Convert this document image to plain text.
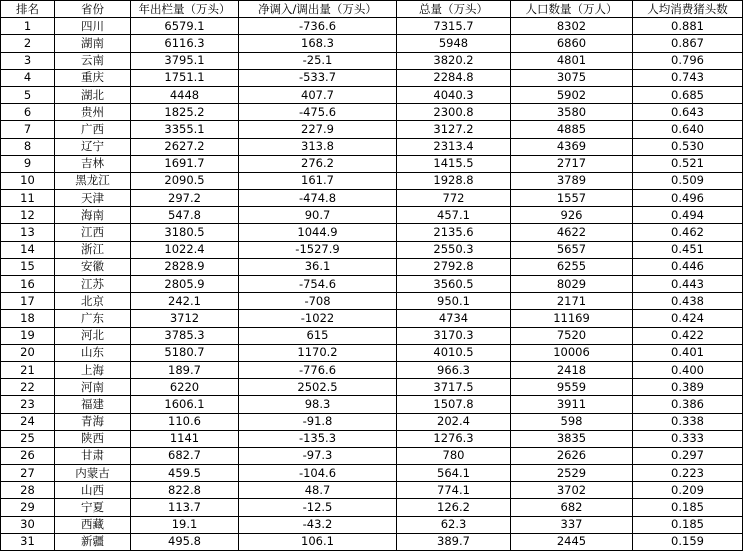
排名	省份	年出栏量（万头）	净调入/调出量（万头）	总量（万头）	人口数量（万人）	人均消费猪头数
1	四川	6579.1	-736.6	7315.7	8302	0.881
2	湖南	6116.3	168.3	5948	6860	0.867
3	云南	3795.1	-25.1	3820.2	4801	0.796
4	重庆	1751.1	-533.7	2284.8	3075	0.743
5	湖北	4448	407.7	4040.3	5902	0.685
6	贵州	1825.2	-475.6	2300.8	3580	0.643
7	广西	3355.1	227.9	3127.2	4885	0.640
8	辽宁	2627.2	313.8	2313.4	4369	0.530
9	吉林	1691.7	276.2	1415.5	2717	0.521
10	黑龙江	2090.5	161.7	1928.8	3789	0.509
11	天津	297.2	-474.8	772	1557	0.496
12	海南	547.8	90.7	457.1	926	0.494
13	江西	3180.5	1044.9	2135.6	4622	0.462
14	浙江	1022.4	-1527.9	2550.3	5657	0.451
15	安徽	2828.9	36.1	2792.8	6255	0.446
16	江苏	2805.9	-754.6	3560.5	8029	0.443
17	北京	242.1	-708	950.1	2171	0.438
18	广东	3712	-1022	4734	11169	0.424
19	河北	3785.3	615	3170.3	7520	0.422
20	山东	5180.7	1170.2	4010.5	10006	0.401
21	上海	189.7	-776.6	966.3	2418	0.400
22	河南	6220	2502.5	3717.5	9559	0.389
23	福建	1606.1	98.3	1507.8	3911	0.386
24	青海	110.6	-91.8	202.4	598	0.338
25	陕西	1141	-135.3	1276.3	3835	0.333
26	甘肃	682.7	-97.3	780	2626	0.297
27	内蒙古	459.5	-104.6	564.1	2529	0.223
28	山西	822.8	48.7	774.1	3702	0.209
29	宁夏	113.7	-12.5	126.2	682	0.185
30	西藏	19.1	-43.2	62.3	337	0.185
31	新疆	495.8	106.1	389.7	2445	0.159
